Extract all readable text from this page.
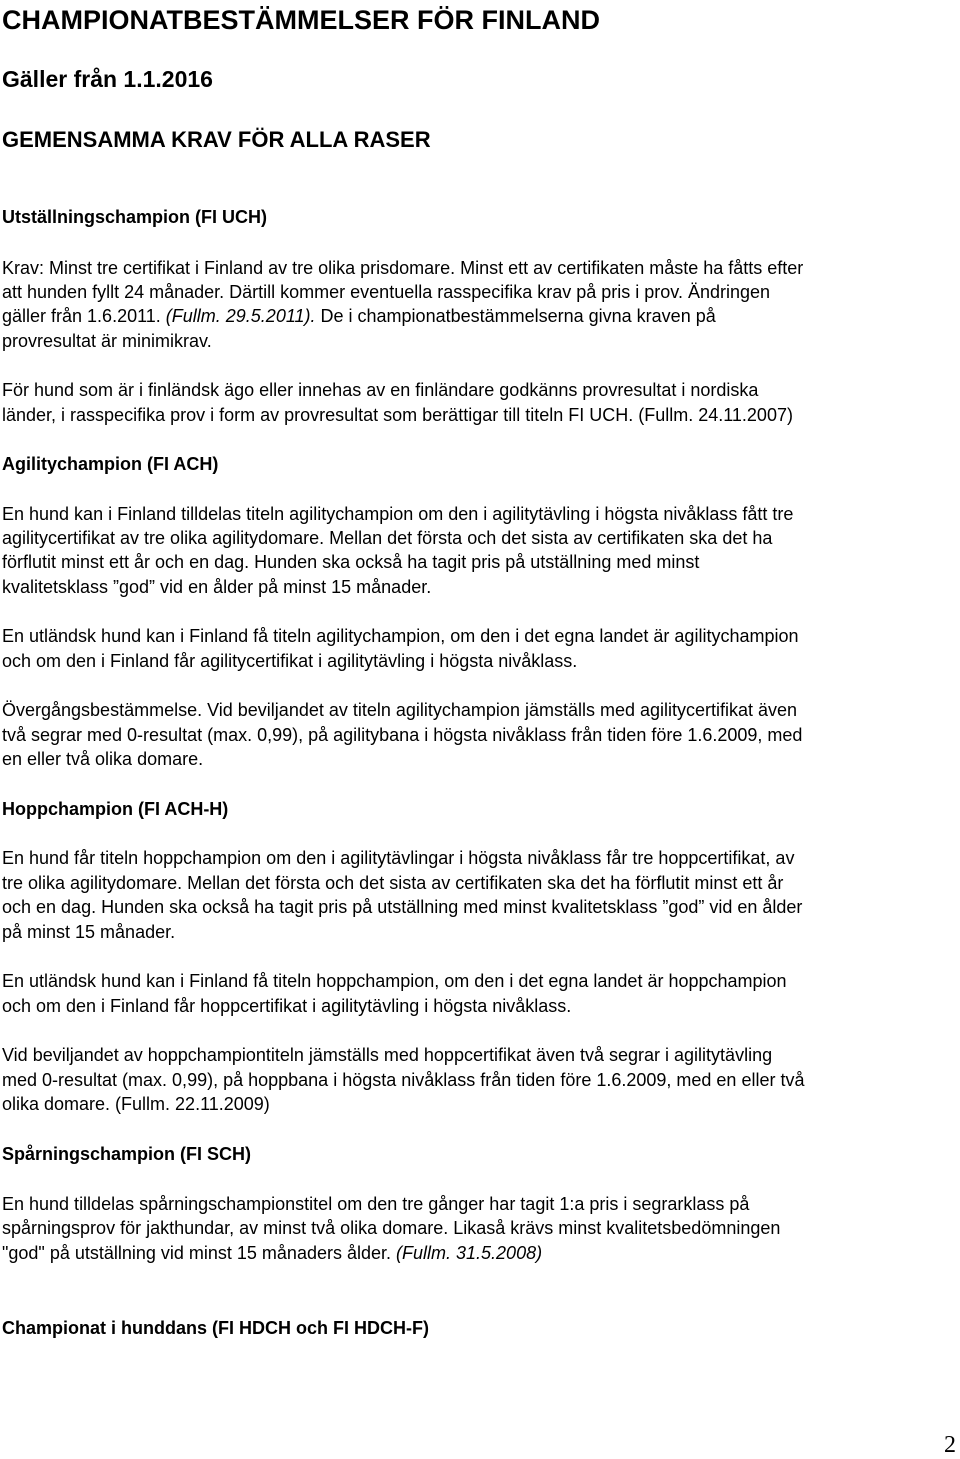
CHAMPIONATBESTÄMMELSER FÖR FINLAND
Gäller från 1.1.2016
GEMENSAMMA KRAV FÖR ALLA RASER
Utställningschampion (FI UCH)
Krav: Minst tre certifikat i Finland av tre olika prisdomare. Minst ett av certifikaten måste ha fåtts efter
att hunden fyllt 24 månader. Därtill kommer eventuella rasspecifika krav på pris i prov. Ändringen
gäller från 1.6.2011. (Fullm. 29.5.2011). De i championatbestämmelserna givna kraven på
provresultat är minimikrav.
För hund som är i finländsk ägo eller innehas av en finländare godkänns provresultat i nordiska
länder, i rasspecifika prov i form av provresultat som berättigar till titeln FI UCH. (Fullm. 24.11.2007)
Agilitychampion (FI ACH)
En hund kan i Finland tilldelas titeln agilitychampion om den i agilitytävling i högsta nivåklass fått tre
agilitycertifikat av tre olika agilitydomare. Mellan det första och det sista av certifikaten ska det ha
förflutit minst ett år och en dag. Hunden ska också ha tagit pris på utställning med minst
kvalitetsklass ”god” vid en ålder på minst 15 månader.
En utländsk hund kan i Finland få titeln agilitychampion, om den i det egna landet är agilitychampion
och om den i Finland får agilitycertifikat i agilitytävling i högsta nivåklass.
Övergångsbestämmelse. Vid beviljandet av titeln agilitychampion jämställs med agilitycertifikat även
två segrar med 0-resultat (max. 0,99), på agilitybana i högsta nivåklass från tiden före 1.6.2009, med
en eller två olika domare.
Hoppchampion (FI ACH-H)
En hund får titeln hoppchampion om den i agilitytävlingar i högsta nivåklass får tre hoppcertifikat, av
tre olika agilitydomare. Mellan det första och det sista av certifikaten ska det ha förflutit minst ett år
och en dag. Hunden ska också ha tagit pris på utställning med minst kvalitetsklass ”god” vid en ålder
på minst 15 månader.
En utländsk hund kan i Finland få titeln hoppchampion, om den i det egna landet är hoppchampion
och om den i Finland får hoppcertifikat i agilitytävling i högsta nivåklass.
Vid beviljandet av hoppchampiontiteln jämställs med hoppcertifikat även två segrar i agilitytävling
med 0-resultat (max. 0,99), på hoppbana i högsta nivåklass från tiden före 1.6.2009, med en eller två
olika domare. (Fullm. 22.11.2009)
Spårningschampion (FI SCH)
En hund tilldelas spårningschampionstitel om den tre gånger har tagit 1:a pris i segrarklass på
spårningsprov för jakthundar, av minst två olika domare. Likaså krävs minst kvalitetsbedömningen
"god" på utställning vid minst 15 månaders ålder. (Fullm. 31.5.2008)
Championat i hunddans (FI HDCH och FI HDCH-F)
2
